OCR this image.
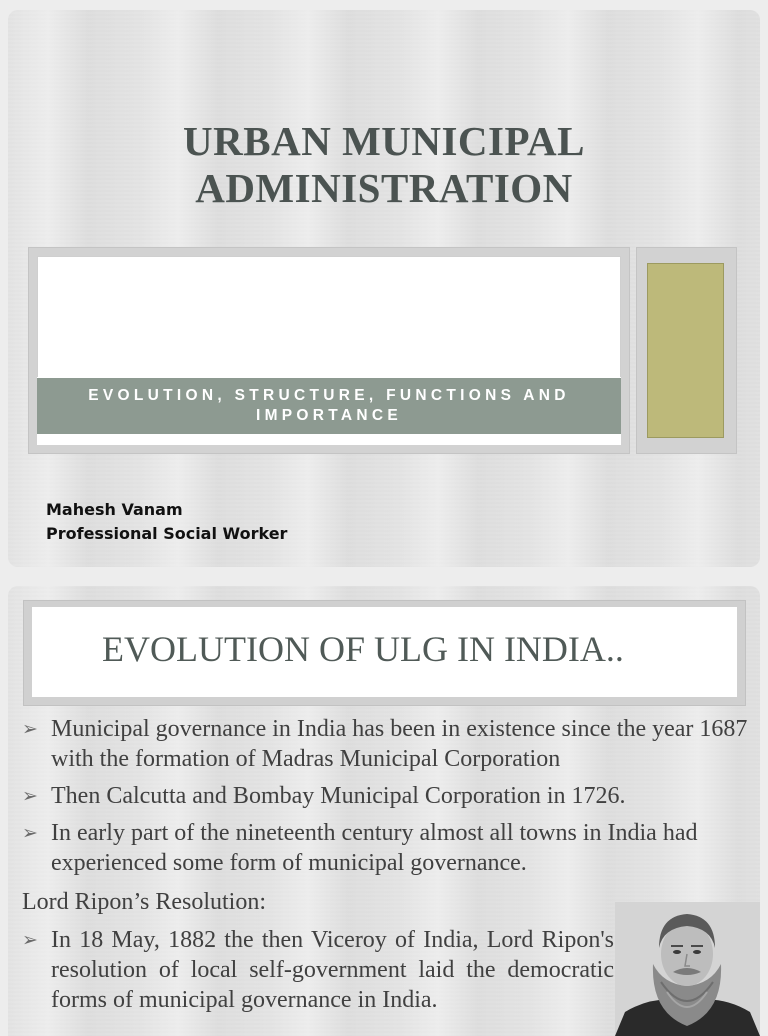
URBAN MUNICIPAL
ADMINISTRATION

EVOLUTION, STRUCTURE, FUNCTIONS AND IMPORTANCE

Mahesh Vanam
Professional Social Worker
EVOLUTION OF ULG IN INDIA..
➢ Municipal governance in India has been in existence since the year 1687 with the formation of Madras Municipal Corporation
➢ Then Calcutta and Bombay Municipal Corporation in 1726.
➢ In early part of the nineteenth century almost all towns in India had experienced some form of municipal governance.
Lord Ripon’s Resolution:
➢ In 18 May, 1882 the then Viceroy of India, Lord Ripon's resolution of local self-government laid the democratic forms of municipal governance in India.
